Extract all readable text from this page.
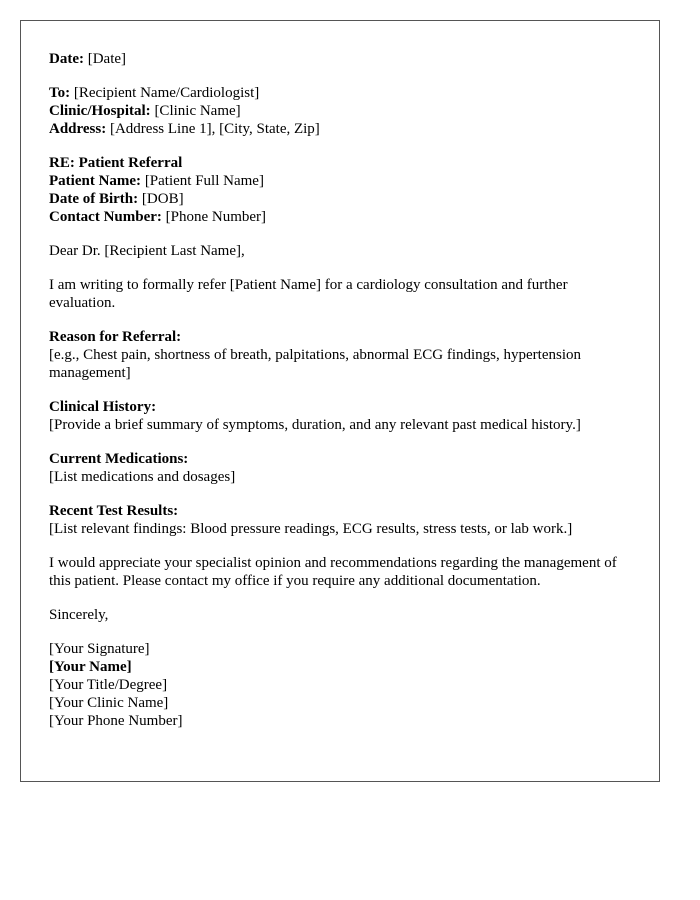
Date: [Date]
To: [Recipient Name/Cardiologist]
Clinic/Hospital: [Clinic Name]
Address: [Address Line 1], [City, State, Zip]
RE: Patient Referral
Patient Name: [Patient Full Name]
Date of Birth: [DOB]
Contact Number: [Phone Number]
Dear Dr. [Recipient Last Name],
I am writing to formally refer [Patient Name] for a cardiology consultation and further evaluation.
Reason for Referral:
[e.g., Chest pain, shortness of breath, palpitations, abnormal ECG findings, hypertension management]
Clinical History:
[Provide a brief summary of symptoms, duration, and any relevant past medical history.]
Current Medications:
[List medications and dosages]
Recent Test Results:
[List relevant findings: Blood pressure readings, ECG results, stress tests, or lab work.]
I would appreciate your specialist opinion and recommendations regarding the management of this patient. Please contact my office if you require any additional documentation.
Sincerely,
[Your Signature]
[Your Name]
[Your Title/Degree]
[Your Clinic Name]
[Your Phone Number]
